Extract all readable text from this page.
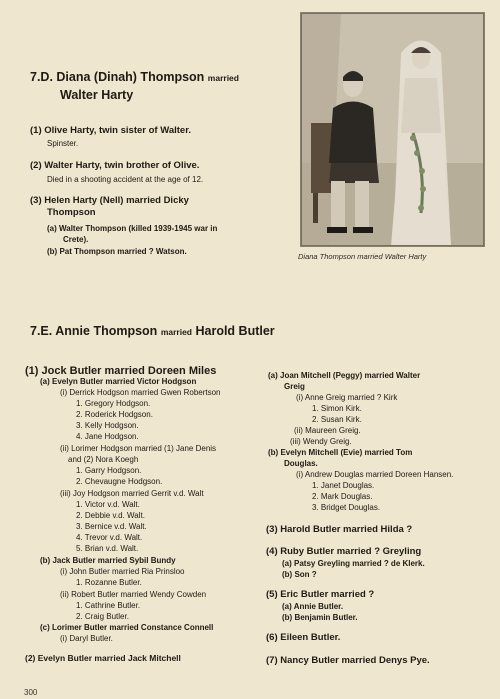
7.D. Diana (Dinah) Thompson married

Walter Harty

(1) Olive Harty, twin sister of Walter.

Spinster.

(2) Walter Harty, twin brother of Olive.

Died in a shooting accident at the age of 12.

(3) Helen Harty (Nell) married Dicky

Thompson

(a) Walter Thompson (killed 1939-1945 war in

Crete).

(b) Pat Thompson married ? Watson.

Diana Thompson married Walter Harty

7.E. Annie Thompson married Harold Butler

(1) Jock Butler married Doreen Miles

(a) Evelyn Butler married Victor Hodgson

(i) Derrick Hodgson married Gwen Robertson

1. Gregory Hodgson.

2. Roderick Hodgson.

3. Kelly Hodgson.

4. Jane Hodgson.

(ii) Lorimer Hodgson married (1) Jane Denis

and (2) Nora Koegh

1. Garry Hodgson.

2. Chevaugne Hodgson.

(iii) Joy Hodgson married Gerrit v.d. Walt

1. Victor v.d. Walt.

2. Debbie v.d. Walt.

3. Bernice v.d. Walt.

4. Trevor v.d. Walt.

5. Brian v.d. Walt.

(b) Jack Butler married Sybil Bundy

(i) John Butler married Ria Prinsloo

1. Rozanne Butler.

(ii) Robert Butler married Wendy Cowden

1. Cathrine Butler.

2. Craig Butler.

(c) Lorimer Butler married Constance Connell

(i) Daryl Butler.

(2) Evelyn Butler married Jack Mitchell

(a) Joan Mitchell (Peggy) married Walter

Greig

(i) Anne Greig married ? Kirk

1. Simon Kirk.

2. Susan Kirk.

(ii) Maureen Greig.

(iii) Wendy Greig.

(b) Evelyn Mitchell (Evie) married Tom

Douglas.

(i) Andrew Douglas married Doreen Hansen.

1. Janet Douglas.

2. Mark Douglas.

3. Bridget Douglas.

(3) Harold Butler married Hilda ?

(4) Ruby Butler married ? Greyling

(a) Patsy Greyling married ? de Klerk.

(b) Son ?

(5) Eric Butler married ?

(a) Annie Butler.

(b) Benjamin Butler.

(6) Eileen Butler.

(7) Nancy Butler married Denys Pye.

300
